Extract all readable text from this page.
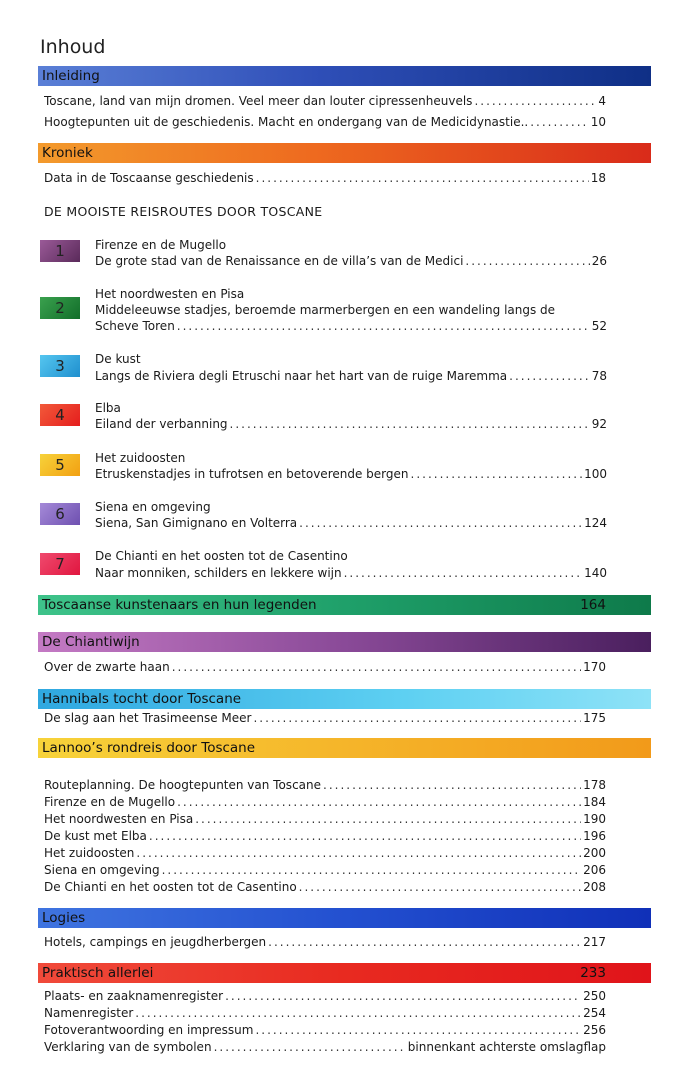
Inhoud
Inleiding
Toscane, land van mijn dromen. Veel meer dan louter cipressenheuvels .....	4
Hoogtepunten uit de geschiedenis. Macht en ondergang van de Medicidynastie.. .....	10
Kroniek
Data in de Toscaanse geschiedenis .....	18
DE MOOISTE REISROUTES DOOR TOSCANE
1	Firenze en de Mugello
De grote stad van de Renaissance en de villa’s van de Medici .....	26
2
Het noordwesten en Pisa
Middeleeuwse stadjes, beroemde marmerbergen en een wandeling langs de
Scheve Toren .....	52
3	De kust
Langs de Riviera degli Etruschi naar het hart van de ruige Maremma .....	78
4	Elba
Eiland der verbanning .....	92
5	Het zuidoosten
Etruskenstadjes in tufrotsen en betoverende bergen .....	100
6	Siena en omgeving
Siena, San Gimignano en Volterra .....	124
7	De Chianti en het oosten tot de Casentino
Naar monniken, schilders en lekkere wijn .....	140
Toscaanse kunstenaars en hun legenden	164
De Chiantiwijn
Over de zwarte haan .....	170
Hannibals tocht door Toscane
De slag aan het Trasimeense Meer .....	175
Lannoo’s rondreis door Toscane
Routeplanning. De hoogtepunten van Toscane .....	178
Firenze en de Mugello .....	184
Het noordwesten en Pisa .....	190
De kust met Elba .....	196
Het zuidoosten .....	200
Siena en omgeving .....	206
De Chianti en het oosten tot de Casentino .....	208
Logies
Hotels, campings en jeugdherbergen .....	217
Praktisch allerlei	233
Plaats- en zaaknamenregister .....	250
Namenregister .....	254
Fotoverantwoording en impressum .....	256
Verklaring van de symbolen .....	binnenkant achterste omslagflap
